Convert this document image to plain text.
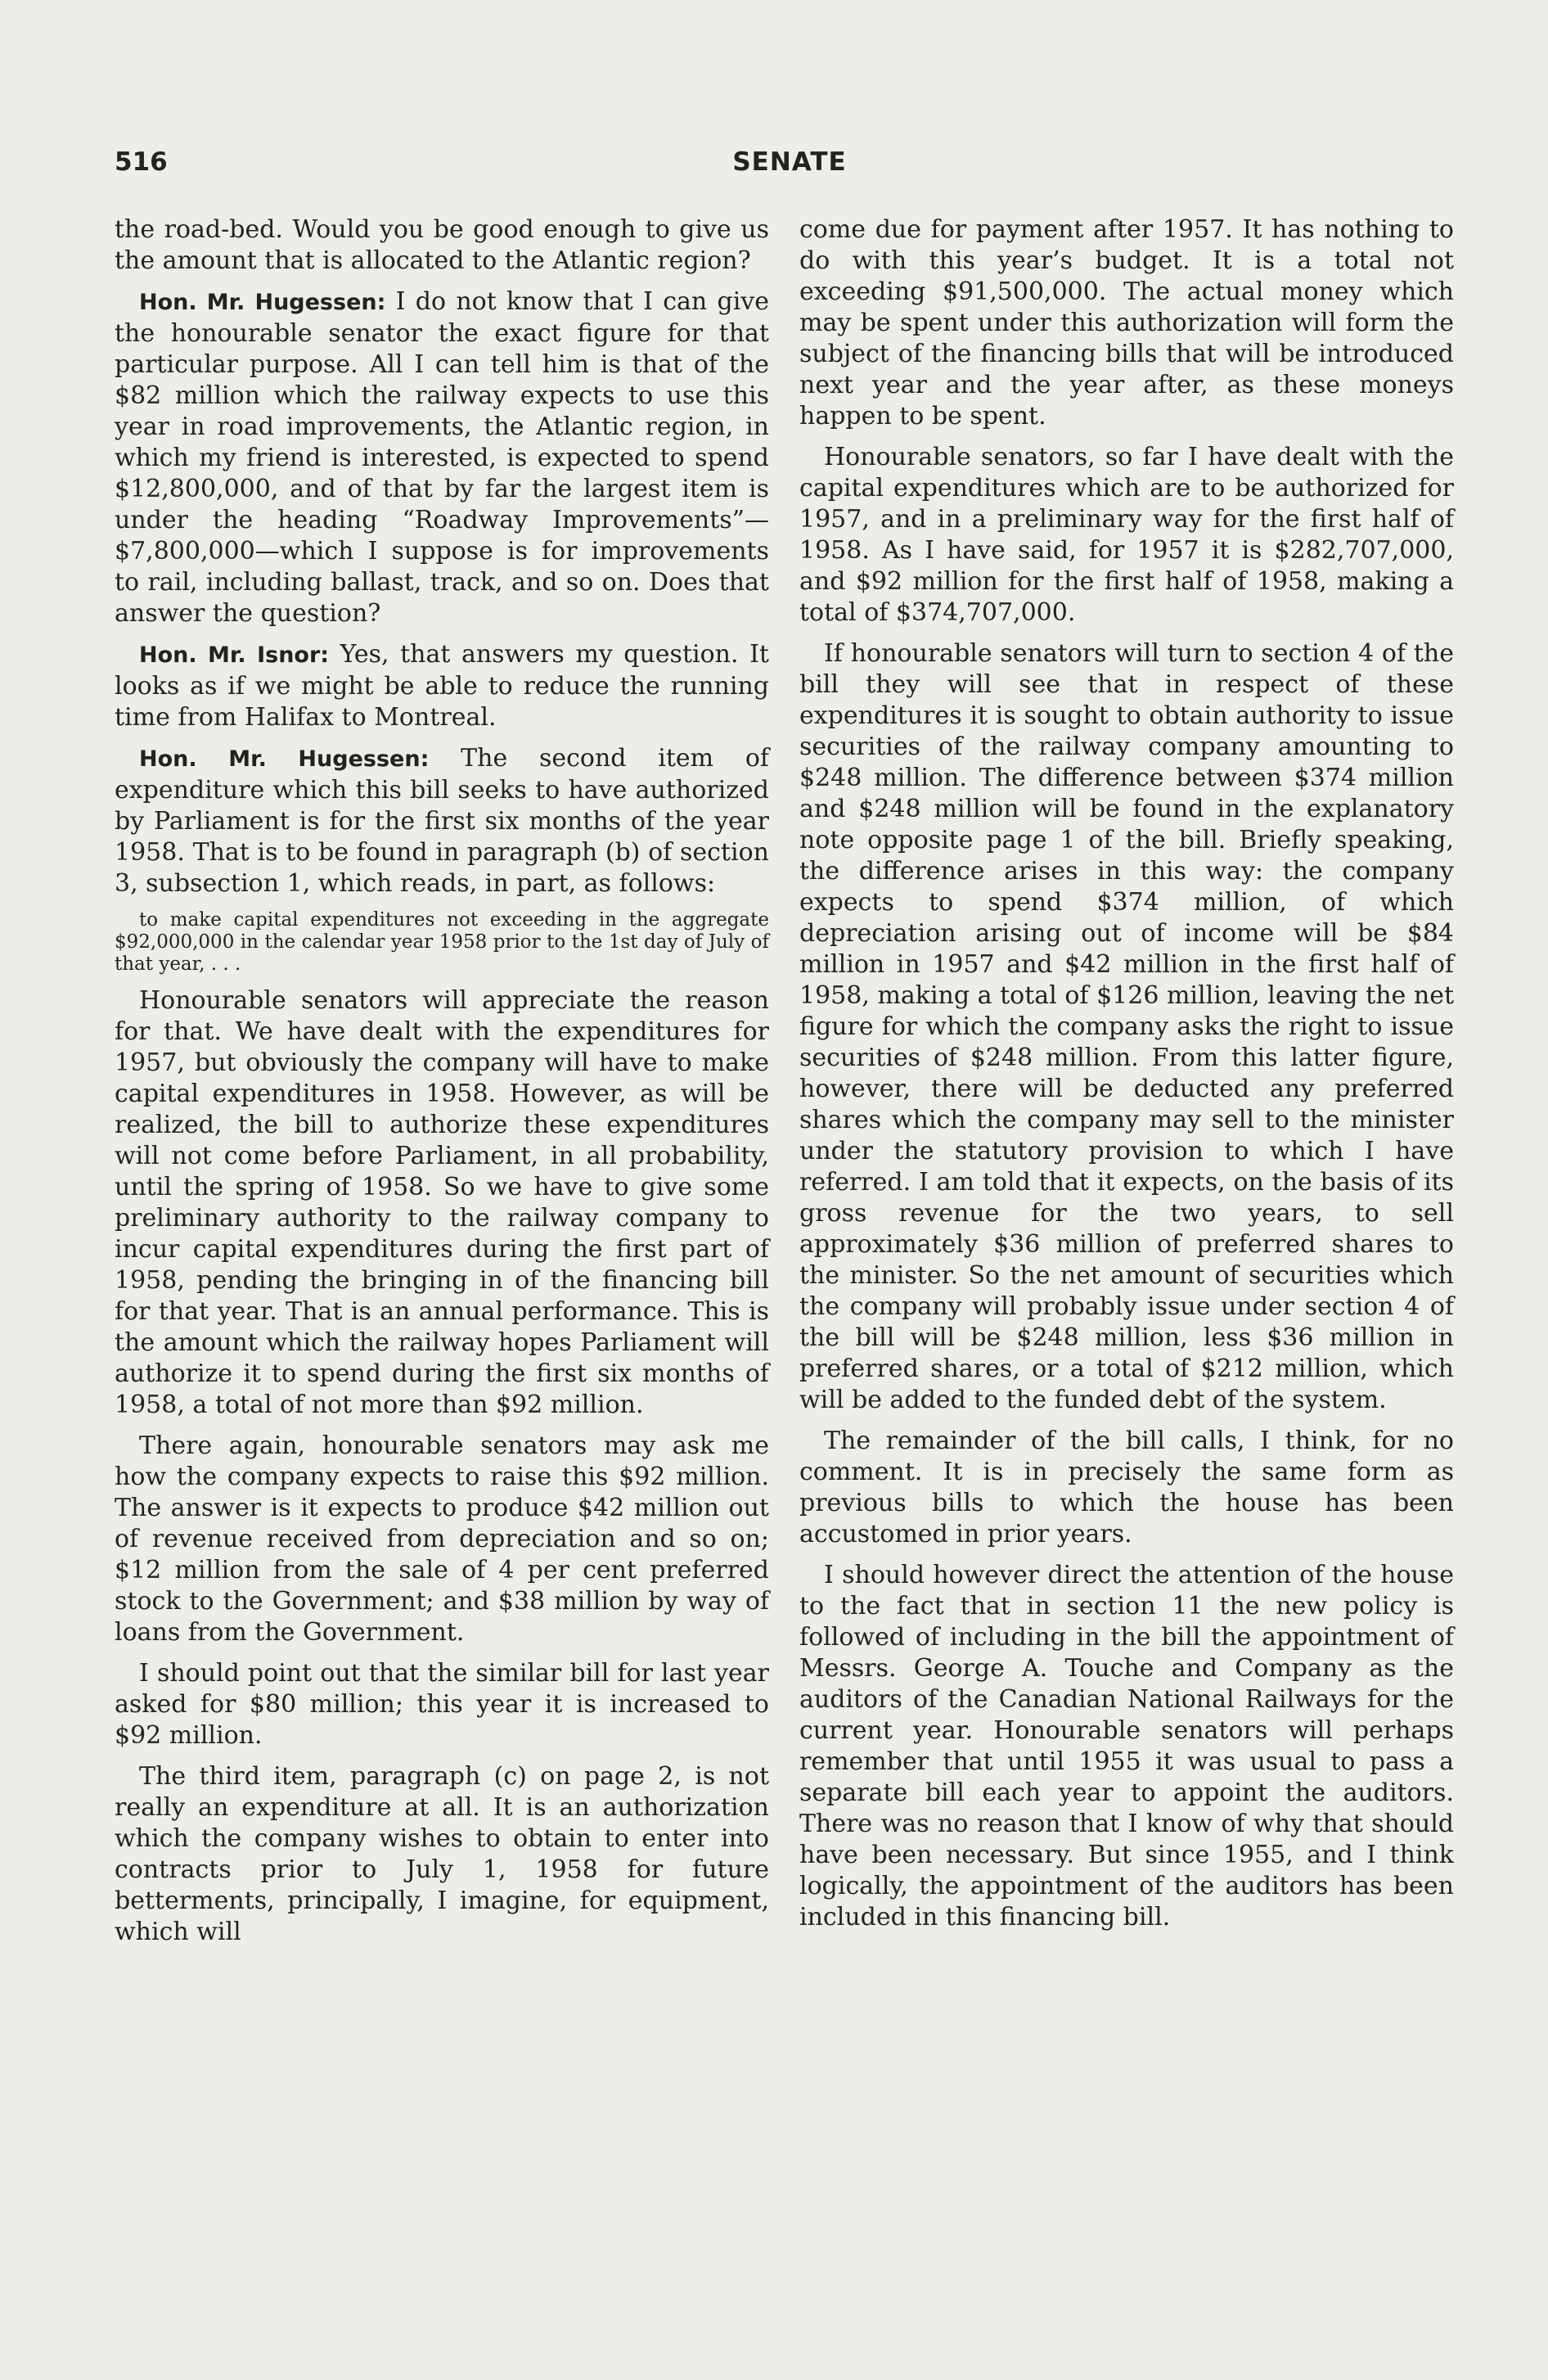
516	SENATE

the road-bed. Would you be good enough to give us the amount that is allocated to the Atlantic region?

Hon. Mr. Hugessen: I do not know that I can give the honourable senator the exact figure for that particular purpose. All I can tell him is that of the $82 million which the railway expects to use this year in road improvements, the Atlantic region, in which my friend is interested, is expected to spend $12,800,000, and of that by far the largest item is under the heading “Roadway Improvements”—$7,800,000—which I suppose is for improvements to rail, including ballast, track, and so on. Does that answer the question?

Hon. Mr. Isnor: Yes, that answers my question. It looks as if we might be able to reduce the running time from Halifax to Montreal.

Hon. Mr. Hugessen: The second item of expenditure which this bill seeks to have authorized by Parliament is for the first six months of the year 1958. That is to be found in paragraph (b) of section 3, subsection 1, which reads, in part, as follows:

to make capital expenditures not exceeding in the aggregate $92,000,000 in the calendar year 1958 prior to the 1st day of July of that year, . . .

Honourable senators will appreciate the reason for that. We have dealt with the expenditures for 1957, but obviously the company will have to make capital expenditures in 1958. However, as will be realized, the bill to authorize these expenditures will not come before Parliament, in all probability, until the spring of 1958. So we have to give some preliminary authority to the railway company to incur capital expenditures during the first part of 1958, pending the bringing in of the financing bill for that year. That is an annual performance. This is the amount which the railway hopes Parliament will authorize it to spend during the first six months of 1958, a total of not more than $92 million.

There again, honourable senators may ask me how the company expects to raise this $92 million. The answer is it expects to produce $42 million out of revenue received from depreciation and so on; $12 million from the sale of 4 per cent preferred stock to the Government; and $38 million by way of loans from the Government.

I should point out that the similar bill for last year asked for $80 million; this year it is increased to $92 million.

The third item, paragraph (c) on page 2, is not really an expenditure at all. It is an authorization which the company wishes to obtain to enter into contracts prior to July 1, 1958 for future betterments, principally, I imagine, for equipment, which will

come due for payment after 1957. It has nothing to do with this year’s budget. It is a total not exceeding $91,500,000. The actual money which may be spent under this authorization will form the subject of the financing bills that will be introduced next year and the year after, as these moneys happen to be spent.

Honourable senators, so far I have dealt with the capital expenditures which are to be authorized for 1957, and in a preliminary way for the first half of 1958. As I have said, for 1957 it is $282,707,000, and $92 million for the first half of 1958, making a total of $374,707,000.

If honourable senators will turn to section 4 of the bill they will see that in respect of these expenditures it is sought to obtain authority to issue securities of the railway company amounting to $248 million. The difference between $374 million and $248 million will be found in the explanatory note opposite page 1 of the bill. Briefly speaking, the difference arises in this way: the company expects to spend $374 million, of which depreciation arising out of income will be $84 million in 1957 and $42 million in the first half of 1958, making a total of $126 million, leaving the net figure for which the company asks the right to issue securities of $248 million. From this latter figure, however, there will be deducted any preferred shares which the company may sell to the minister under the statutory provision to which I have referred. I am told that it expects, on the basis of its gross revenue for the two years, to sell approximately $36 million of preferred shares to the minister. So the net amount of securities which the company will probably issue under section 4 of the bill will be $248 million, less $36 million in preferred shares, or a total of $212 million, which will be added to the funded debt of the system.

The remainder of the bill calls, I think, for no comment. It is in precisely the same form as previous bills to which the house has been accustomed in prior years.

I should however direct the attention of the house to the fact that in section 11 the new policy is followed of including in the bill the appointment of Messrs. George A. Touche and Company as the auditors of the Canadian National Railways for the current year. Honourable senators will perhaps remember that until 1955 it was usual to pass a separate bill each year to appoint the auditors. There was no reason that I know of why that should have been necessary. But since 1955, and I think logically, the appointment of the auditors has been included in this financing bill.
